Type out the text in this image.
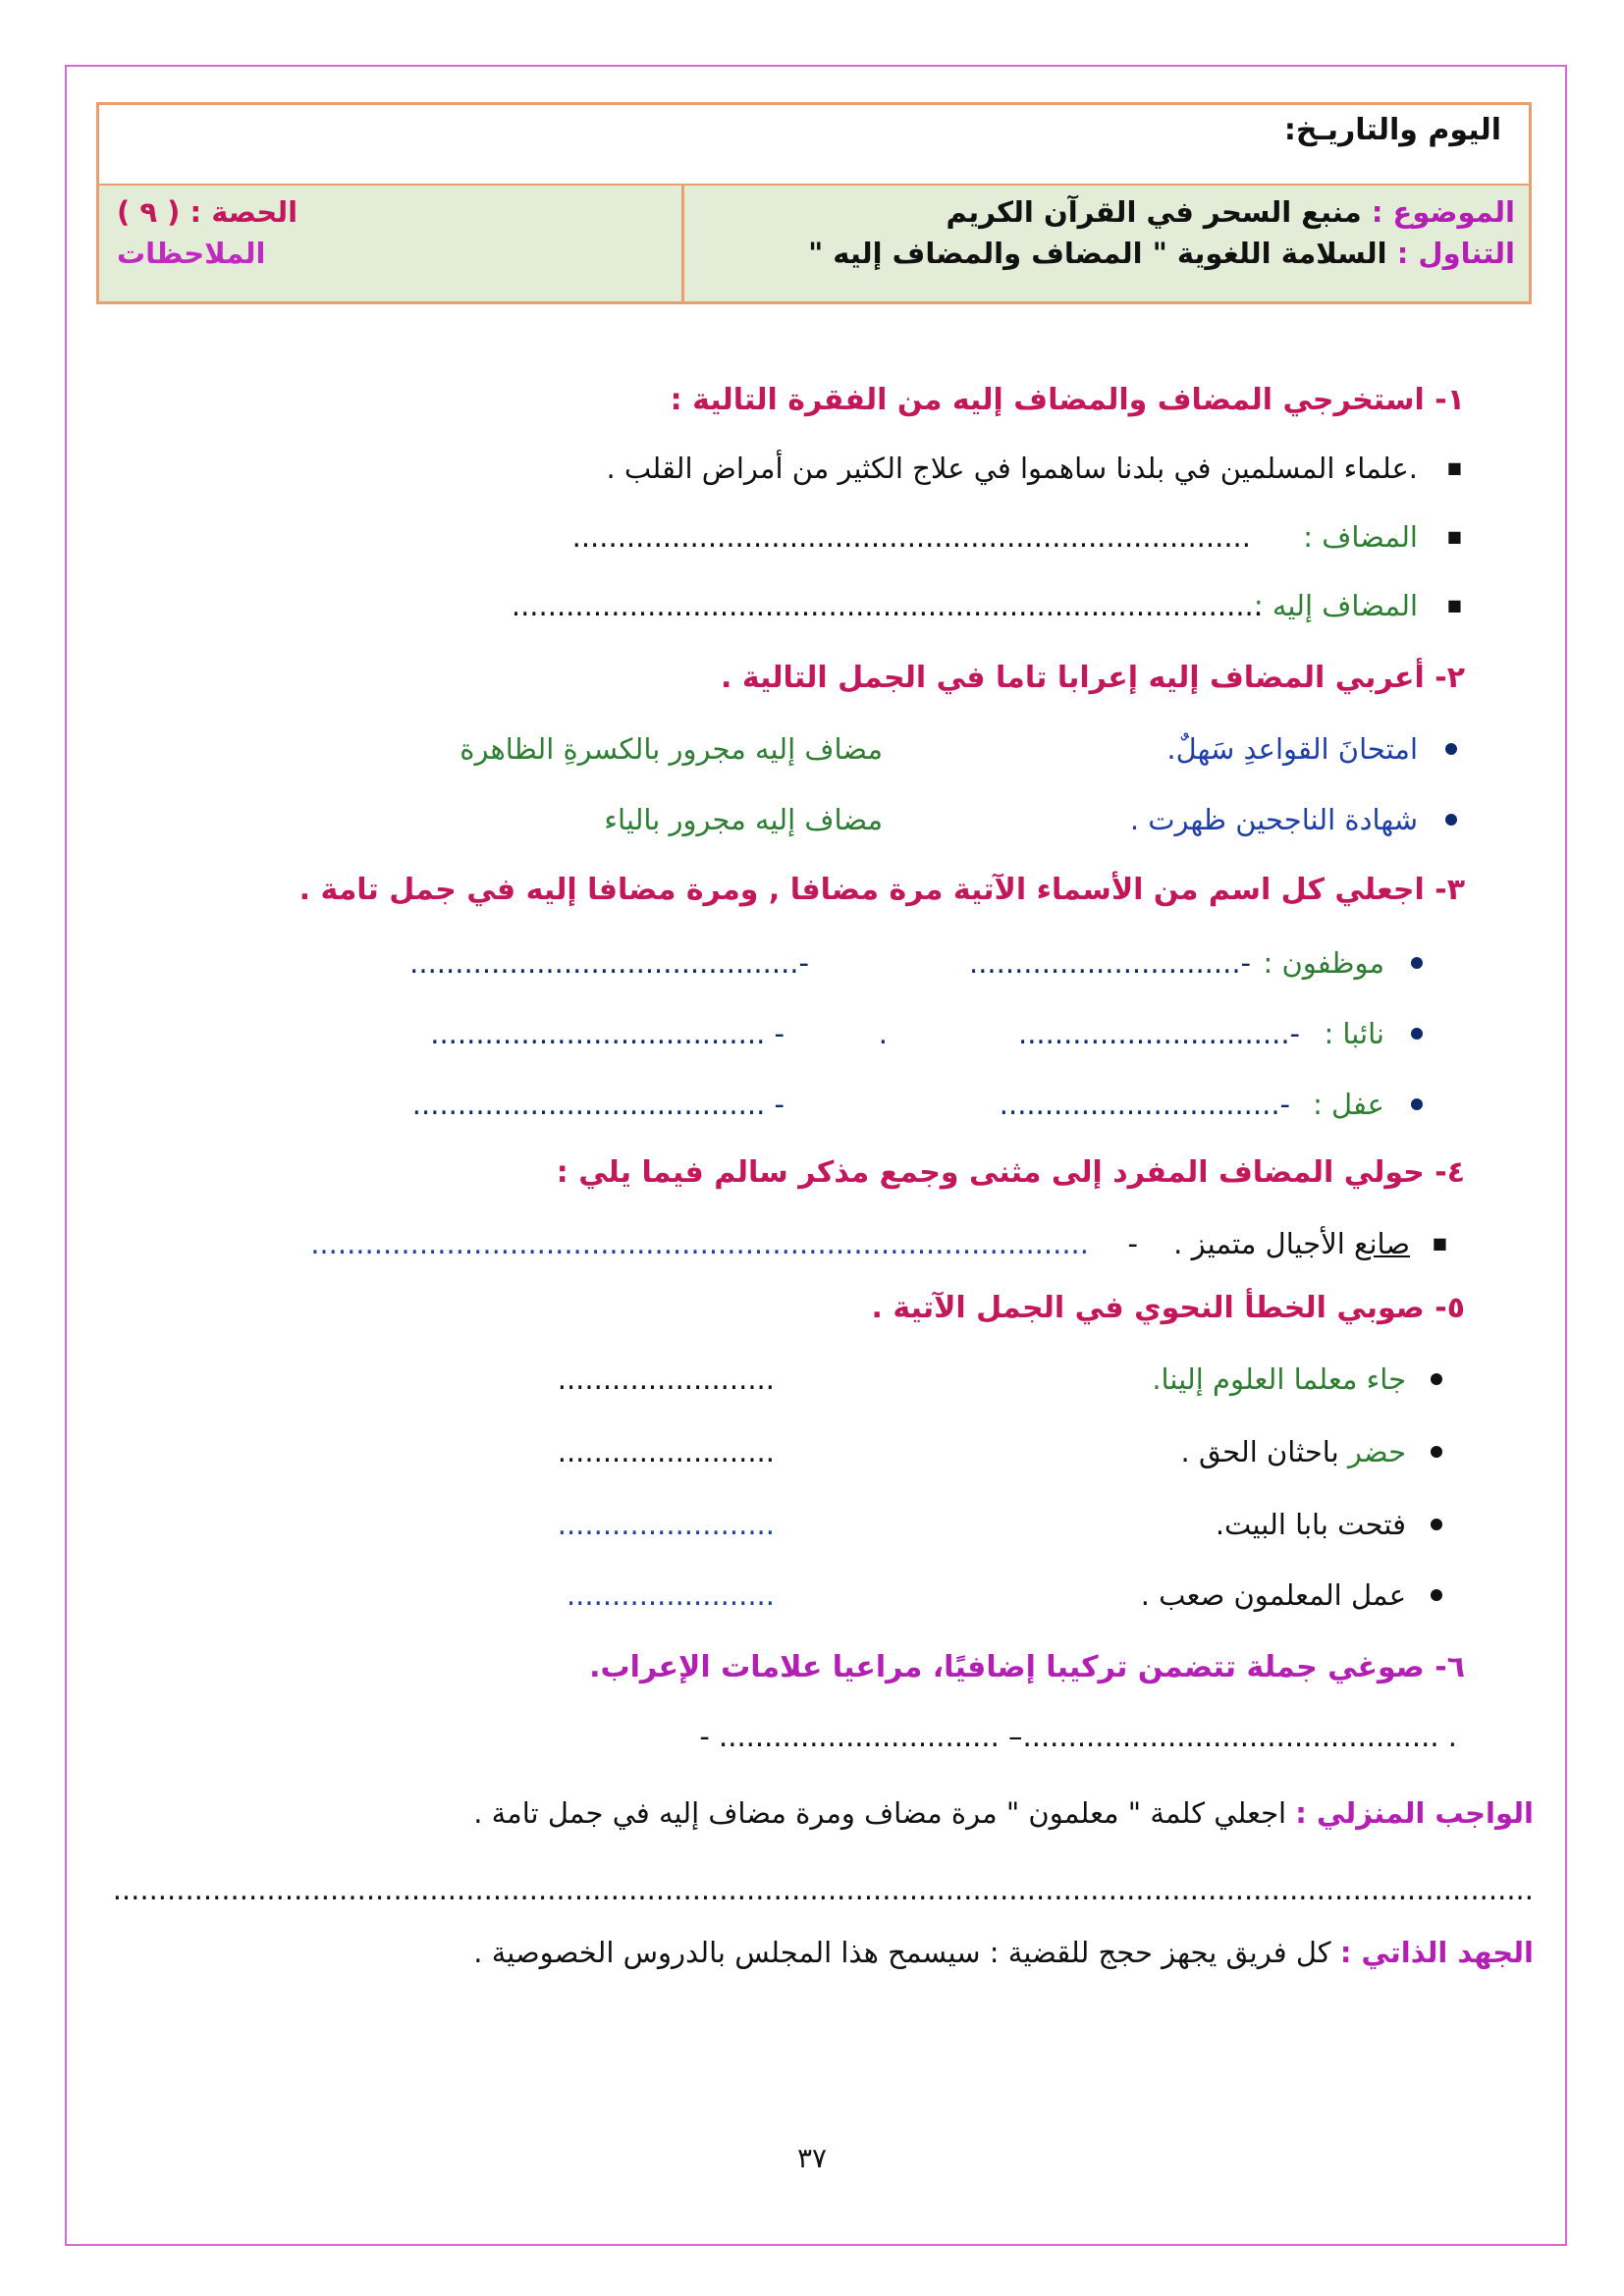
اليوم والتاريـخ:
الموضوع : منبع السحر في القرآن الكريم
التناول : السلامة اللغوية " المضاف والمضاف إليه "
الحصة : ( ٩ )
الملاحظات
١- استخرجي المضاف والمضاف إليه من الفقرة التالية :
■
.علماء المسلمين في بلدنا ساهموا في علاج الكثير من أمراض القلب .
■
المضاف :
...........................................................................
■
المضاف إليه :
...................................................................................
٢- أعربي المضاف إليه إعرابا تاما في الجمل التالية .
امتحانَ القواعدِ سَهلٌ.
مضاف إليه مجرور بالكسرةِ الظاهرة
شهادة الناجحين ظهرت .
مضاف إليه مجرور بالياء
٣- اجعلي كل اسم من الأسماء الآتية مرة مضافا , ومرة مضافا إليه في جمل تامة .
موظفون :
-..............................
-...........................................
نائبا :
-..............................
.
- .....................................
عفل :
-...............................
- .......................................
٤- حولي المضاف المفرد إلى مثنى وجمع مذكر سالم فيما يلي :
■
صانع الأجيال متميز .
-
......................................................................................
٥- صوبي الخطأ النحوي في الجمل الآتية .
جاء معلما العلوم إلينا.
........................
حضر باحثان الحق .
........................
فتحت بابا البيت.
........................
عمل المعلمون صعب .
.......................
٦- صوغي جملة تتضمن تركيبا إضافيًا، مراعيا علامات الإعراب.
. ..............................................– ............................... -
الواجب المنزلي : اجعلي كلمة " معلمون " مرة مضاف ومرة مضاف إليه في جمل تامة .
.............................................................................................................................................................
الجهد الذاتي : كل فريق يجهز حجج للقضية : سيسمح هذا المجلس بالدروس الخصوصية .
٣٧
